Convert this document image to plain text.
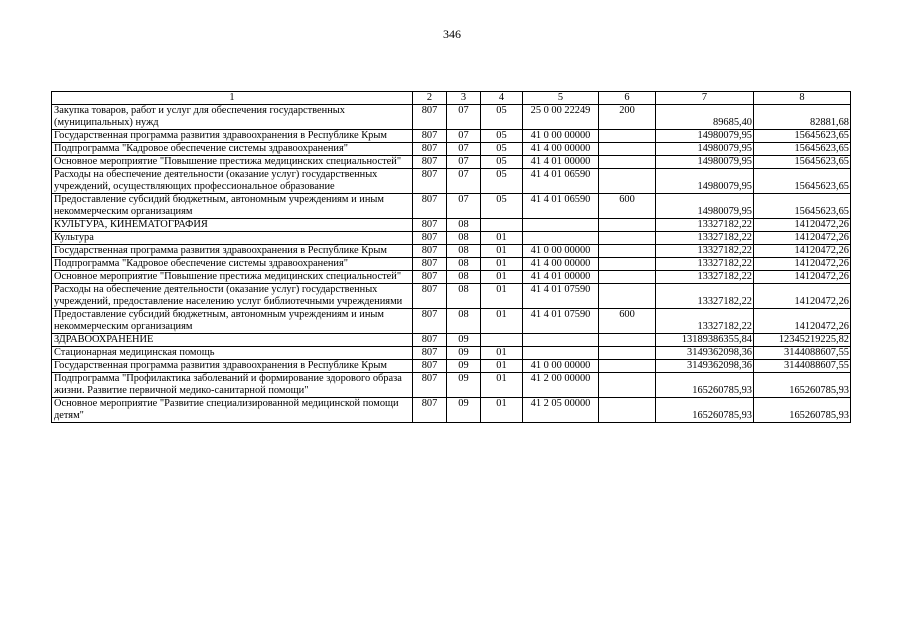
346
1	2	3	4	5	6	7	8
Закупка товаров, работ и услуг для обеспечения государственных (муниципальных) нужд	807	07	05	25 0 00 22249	200	89685,40	82881,68
Государственная программа развития здравоохранения в Республике Крым	807	07	05	41 0 00 00000		14980079,95	15645623,65
Подпрограмма "Кадровое обеспечение системы здравоохранения"	807	07	05	41 4 00 00000		14980079,95	15645623,65
Основное мероприятие "Повышение престижа медицинских специальностей"	807	07	05	41 4 01 00000		14980079,95	15645623,65
Расходы на обеспечение деятельности (оказание услуг) государственных учреждений, осуществляющих профессиональное образование	807	07	05	41 4 01 06590		14980079,95	15645623,65
Предоставление субсидий бюджетным, автономным учреждениям и иным некоммерческим организациям	807	07	05	41 4 01 06590	600	14980079,95	15645623,65
КУЛЬТУРА, КИНЕМАТОГРАФИЯ	807	08				13327182,22	14120472,26
Культура	807	08	01			13327182,22	14120472,26
Государственная программа развития здравоохранения в Республике Крым	807	08	01	41 0 00 00000		13327182,22	14120472,26
Подпрограмма "Кадровое обеспечение системы здравоохранения"	807	08	01	41 4 00 00000		13327182,22	14120472,26
Основное мероприятие "Повышение престижа медицинских специальностей"	807	08	01	41 4 01 00000		13327182,22	14120472,26
Расходы на обеспечение деятельности (оказание услуг) государственных учреждений, предоставление населению услуг библиотечными учреждениями	807	08	01	41 4 01 07590		13327182,22	14120472,26
Предоставление субсидий бюджетным, автономным учреждениям и иным некоммерческим организациям	807	08	01	41 4 01 07590	600	13327182,22	14120472,26
ЗДРАВООХРАНЕНИЕ	807	09				13189386355,84	12345219225,82
Стационарная медицинская помощь	807	09	01			3149362098,36	3144088607,55
Государственная программа развития здравоохранения в Республике Крым	807	09	01	41 0 00 00000		3149362098,36	3144088607,55
Подпрограмма "Профилактика заболеваний и формирование здорового образа жизни. Развитие первичной медико-санитарной помощи"	807	09	01	41 2 00 00000		165260785,93	165260785,93
Основное мероприятие "Развитие специализированной медицинской помощи детям"	807	09	01	41 2 05 00000		165260785,93	165260785,93
